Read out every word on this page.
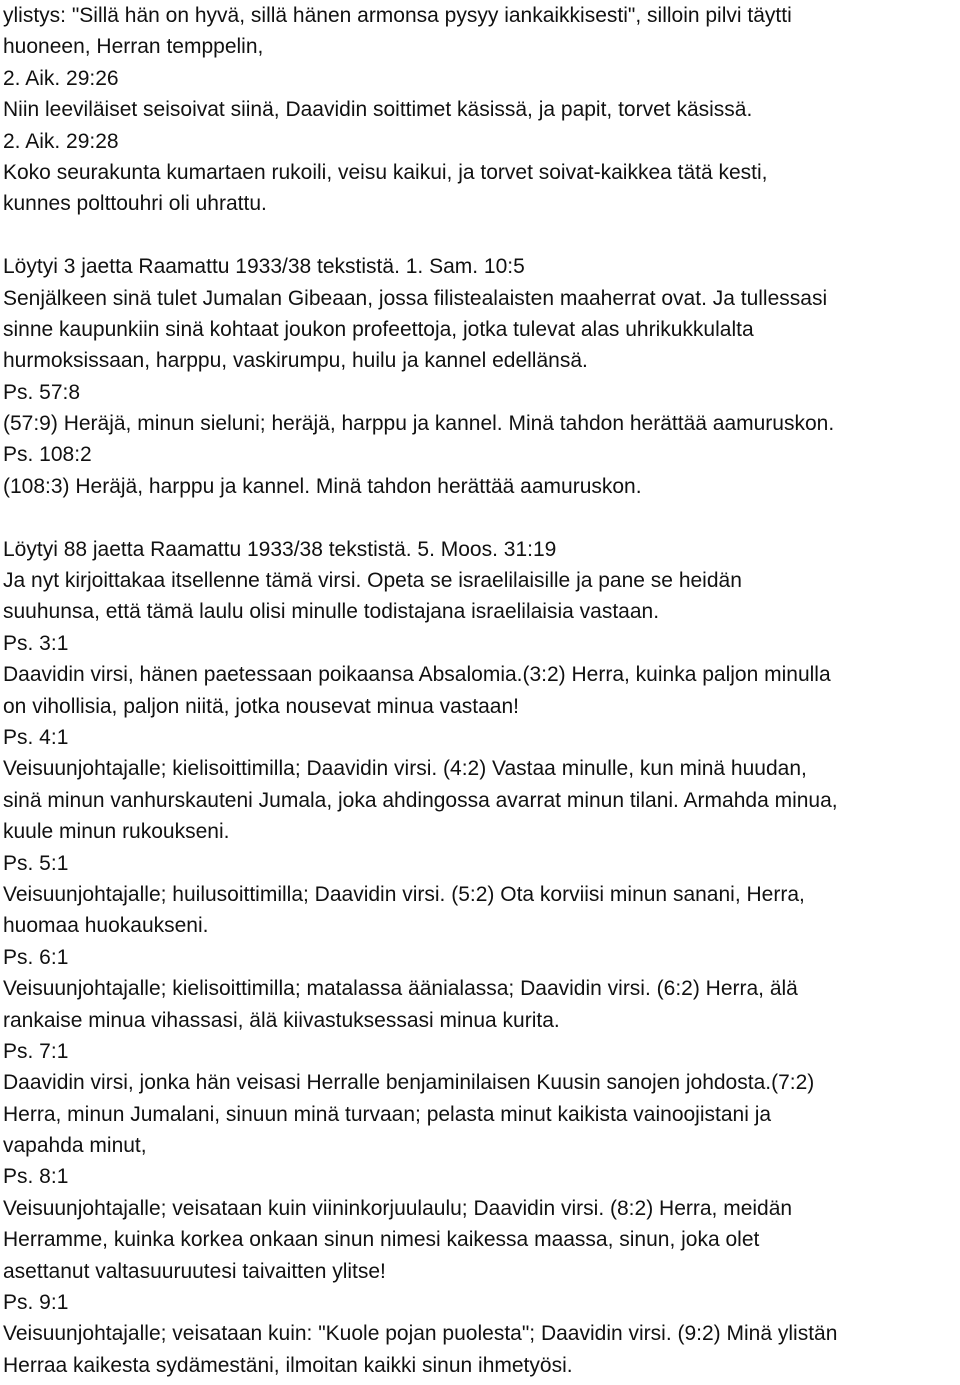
ylistys: "Sillä hän on hyvä, sillä hänen armonsa pysyy iankaikkisesti", silloin pilvi täytti
huoneen, Herran temppelin,
2. Aik. 29:26
Niin leeviläiset seisoivat siinä, Daavidin soittimet käsissä, ja papit, torvet käsissä.
2. Aik. 29:28
Koko seurakunta kumartaen rukoili, veisu kaikui, ja torvet soivat-kaikkea tätä kesti,
kunnes polttouhri oli uhrattu.
Löytyi 3 jaetta Raamattu 1933/38 tekstistä. 1. Sam. 10:5
Senjälkeen sinä tulet Jumalan Gibeaan, jossa filistealaisten maaherrat ovat. Ja tullessasi
sinne kaupunkiin sinä kohtaat joukon profeettoja, jotka tulevat alas uhrikukkulalta
hurmoksissaan, harppu, vaskirumpu, huilu ja kannel edellänsä.
Ps. 57:8
(57:9) Heräjä, minun sieluni; heräjä, harppu ja kannel. Minä tahdon herättää aamuruskon.
Ps. 108:2
(108:3) Heräjä, harppu ja kannel. Minä tahdon herättää aamuruskon.
Löytyi 88 jaetta Raamattu 1933/38 tekstistä. 5. Moos. 31:19
Ja nyt kirjoittakaa itsellenne tämä virsi. Opeta se israelilaisille ja pane se heidän
suuhunsa, että tämä laulu olisi minulle todistajana israelilaisia vastaan.
Ps. 3:1
Daavidin virsi, hänen paetessaan poikaansa Absalomia.(3:2) Herra, kuinka paljon minulla
on vihollisia, paljon niitä, jotka nousevat minua vastaan!
Ps. 4:1
Veisuunjohtajalle; kielisoittimilla; Daavidin virsi. (4:2) Vastaa minulle, kun minä huudan,
sinä minun vanhurskauteni Jumala, joka ahdingossa avarrat minun tilani. Armahda minua,
kuule minun rukoukseni.
Ps. 5:1
Veisuunjohtajalle; huilusoittimilla; Daavidin virsi. (5:2) Ota korviisi minun sanani, Herra,
huomaa huokaukseni.
Ps. 6:1
Veisuunjohtajalle; kielisoittimilla; matalassa äänialassa; Daavidin virsi. (6:2) Herra, älä
rankaise minua vihassasi, älä kiivastuksessasi minua kurita.
Ps. 7:1
Daavidin virsi, jonka hän veisasi Herralle benjaminilaisen Kuusin sanojen johdosta.(7:2)
Herra, minun Jumalani, sinuun minä turvaan; pelasta minut kaikista vainoojistani ja
vapahda minut,
Ps. 8:1
Veisuunjohtajalle; veisataan kuin viininkorjuulaulu; Daavidin virsi. (8:2) Herra, meidän
Herramme, kuinka korkea onkaan sinun nimesi kaikessa maassa, sinun, joka olet
asettanut valtasuuruutesi taivaitten ylitse!
Ps. 9:1
Veisuunjohtajalle; veisataan kuin: "Kuole pojan puolesta"; Daavidin virsi. (9:2) Minä ylistän
Herraa kaikesta sydämestäni, ilmoitan kaikki sinun ihmetyösi.
